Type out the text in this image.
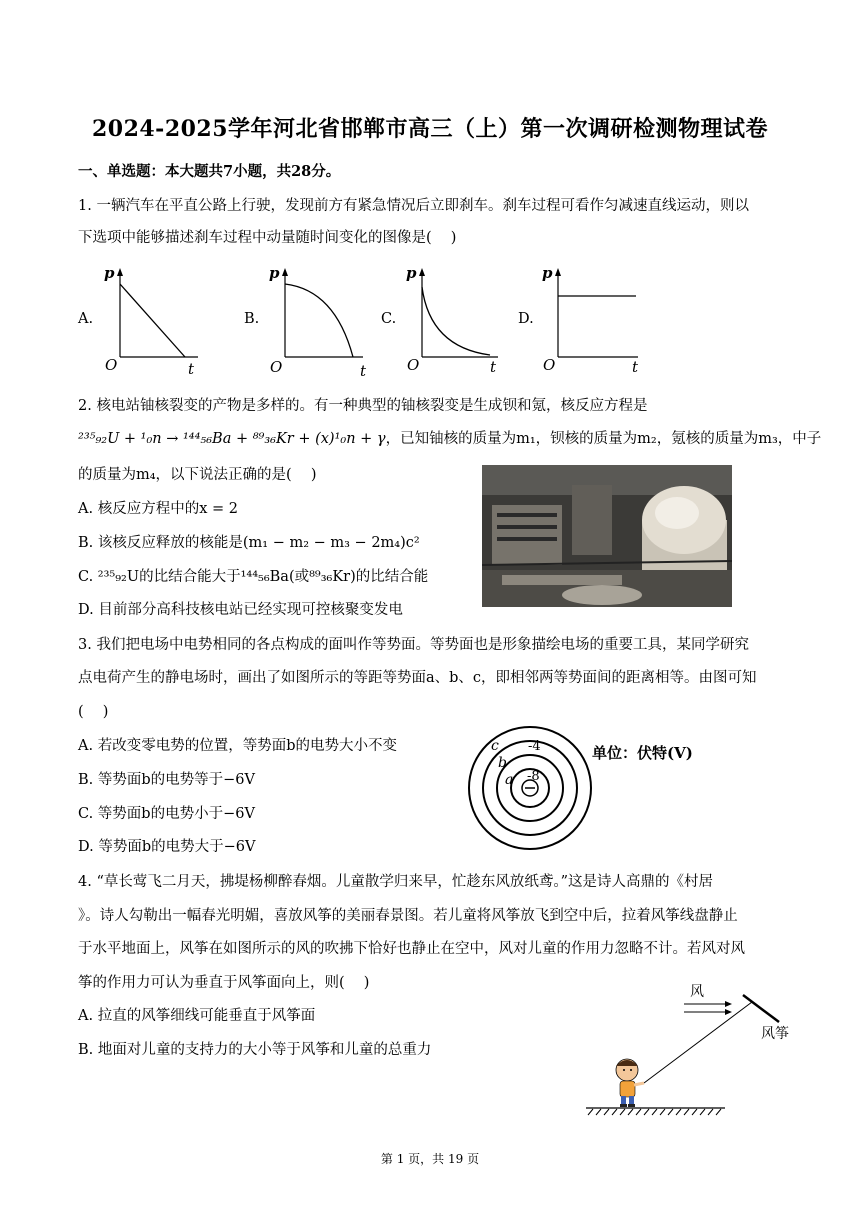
2024-2025学年河北省邯郸市高三（上）第一次调研检测物理试卷
一、单选题：本大题共7小题，共28分。
1. 一辆汽车在平直公路上行驶，发现前方有紧急情况后立即刹车。刹车过程可看作匀减速直线运动，则以
下选项中能够描述刹车过程中动量随时间变化的图像是(　 )
A.	B.	C.	D.
p
O	t
p
O	t
p
O	t
p
O	t
2. 核电站铀核裂变的产物是多样的。有一种典型的铀核裂变是生成钡和氪，核反应方程是
²³⁵₉₂U + ¹₀n → ¹⁴⁴₅₆Ba + ⁸⁹₃₆Kr + (x)¹₀n + γ，已知铀核的质量为m₁，钡核的质量为m₂，氪核的质量为m₃，中子
的质量为m₄，以下说法正确的是(　 )
A. 核反应方程中的x = 2
B. 该核反应释放的核能是(m₁ − m₂ − m₃ − 2m₄)c²
C. ²³⁵₉₂U的比结合能大于¹⁴⁴₅₆Ba(或⁸⁹₃₆Kr)的比结合能
D. 目前部分高科技核电站已经实现可控核聚变发电
3. 我们把电场中电势相同的各点构成的面叫作等势面。等势面也是形象描绘电场的重要工具，某同学研究
点电荷产生的静电场时，画出了如图所示的等距等势面a、b、c，即相邻两等势面间的距离相等。由图可知
(　 )
A. 若改变零电势的位置，等势面b的电势大小不变
B. 等势面b的电势等于−6V
C. 等势面b的电势小于−6V
D. 等势面b的电势大于−6V
c
b
a
-4
-8
单位：伏特(V)
4. “草长莺飞二月天，拂堤杨柳醉春烟。儿童散学归来早，忙趁东风放纸鸢。”这是诗人高鼎的《村居
》。诗人勾勒出一幅春光明媚，喜放风筝的美丽春景图。若儿童将风筝放飞到空中后，拉着风筝线盘静止
于水平地面上，风筝在如图所示的风的吹拂下恰好也静止在空中，风对儿童的作用力忽略不计。若风对风
筝的作用力可认为垂直于风筝面向上，则(　 )
A. 拉直的风筝细线可能垂直于风筝面
B. 地面对儿童的支持力的大小等于风筝和儿童的总重力
风
风筝
第 1 页，共 19 页
